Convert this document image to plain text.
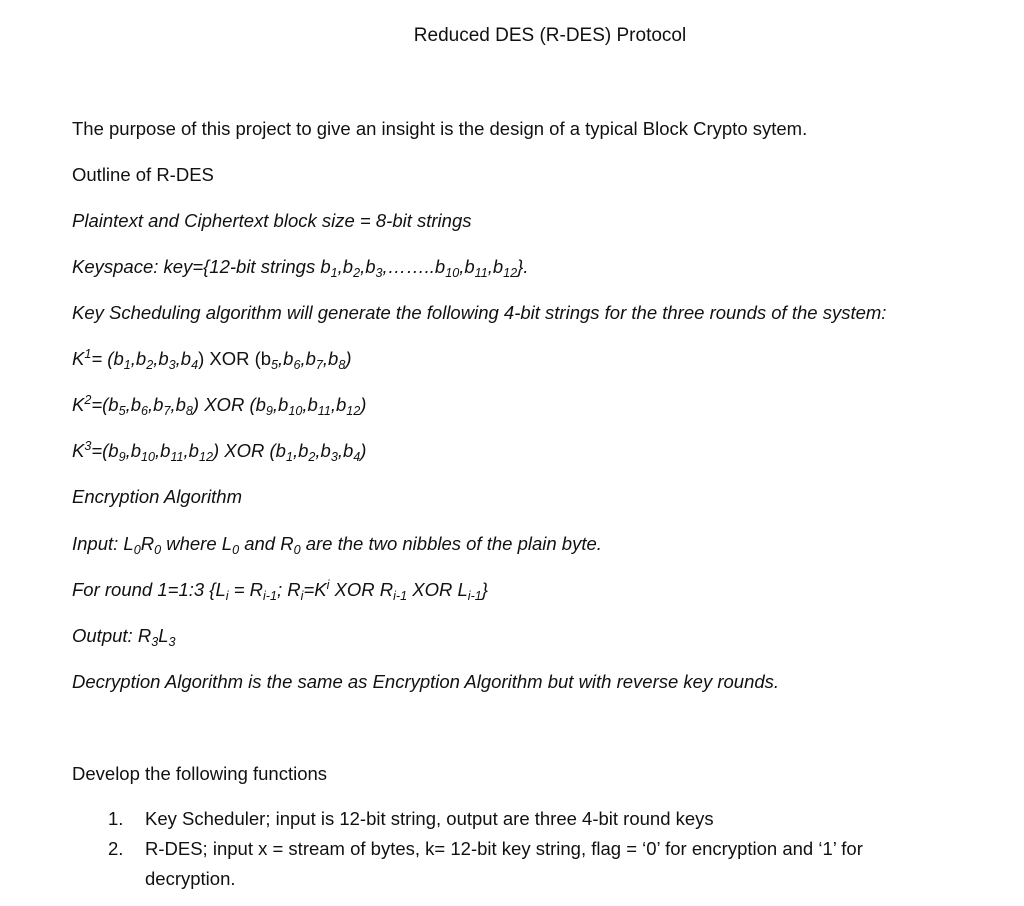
Reduced DES (R-DES) Protocol
The purpose of this project to give an insight is the design of a typical Block Crypto sytem.
Outline of R-DES
Plaintext and Ciphertext block size = 8-bit strings
Keyspace: key={12-bit strings $b_1,b_2,b_3,\dots\dots..b_{10},b_{11},b_{12}$}.
Key Scheduling algorithm will generate the following 4-bit strings for the three rounds of the system:
$K^1= (b_1,b_2,b_3,b_4)$ XOR $(b_5,b_6,b_7,b_8)$
$K^2=(b_5,b_6,b_7,b_8)$ XOR $(b_9,b_{10},b_{11},b_{12})$
$K^3=(b_9,b_{10},b_{11},b_{12})$ XOR $(b_1,b_2,b_3,b_4)$
Encryption Algorithm
Input: $L_0R_0$ where $L_0$ and $R_0$ are the two nibbles of the plain byte.
For round 1=1:3 {$L_i = R_{i-1}$; $R_i=K^i$ XOR $R_{i-1}$ XOR $L_{i-1}$}
Output: $R_3L_3$
Decryption Algorithm is the same as Encryption Algorithm but with reverse key rounds.
Develop the following functions
1. Key Scheduler; input is 12-bit string, output are three 4-bit round keys
2. R-DES; input x = stream of bytes, k= 12-bit key string, flag = ‘0’ for encryption and ‘1’ for
decryption.
